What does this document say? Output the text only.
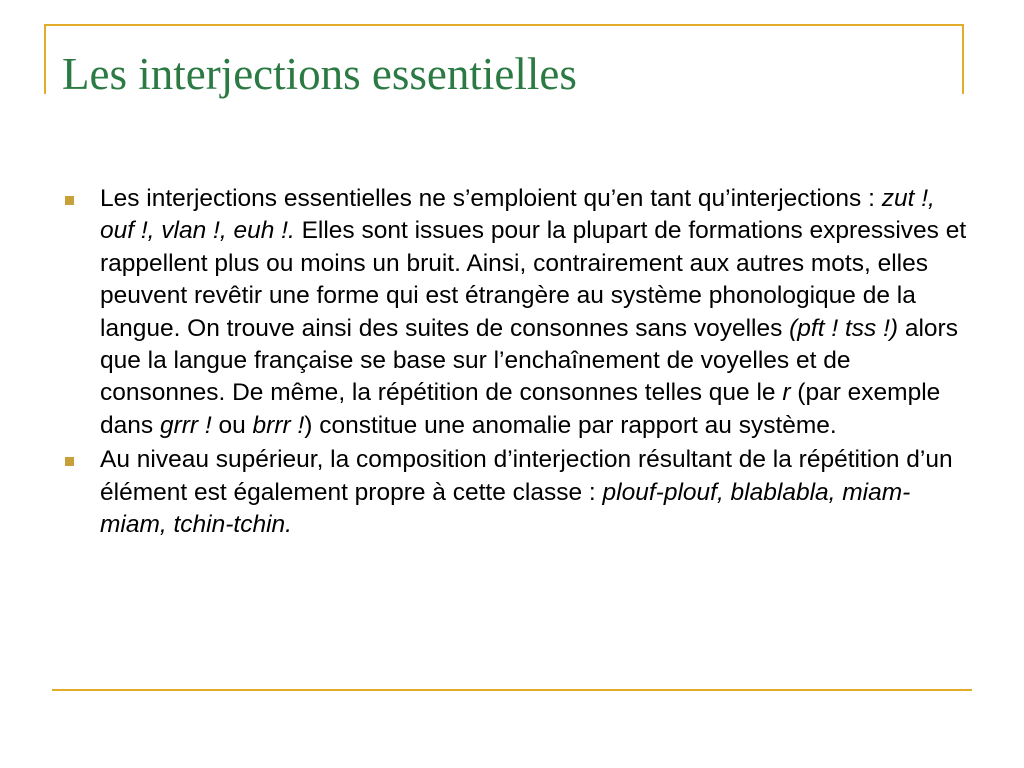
Les interjections essentielles
Les interjections essentielles ne s’emploient qu’en tant qu’interjections : zut !, ouf !, vlan !, euh !. Elles sont issues pour la plupart de formations expressives et rappellent plus ou moins un bruit. Ainsi, contrairement aux autres mots, elles peuvent revêtir une forme qui est étrangère au système phonologique de la langue. On trouve ainsi des suites de consonnes sans voyelles (pft ! tss !) alors que la langue française se base sur l’enchaînement de voyelles et de consonnes. De même, la répétition de consonnes telles que le r (par exemple dans grrr ! ou brrr !) constitue une anomalie par rapport au système.
Au niveau supérieur, la composition d’interjection résultant de la répétition d’un élément est également propre à cette classe : plouf-plouf, blablabla, miam-miam, tchin-tchin.
